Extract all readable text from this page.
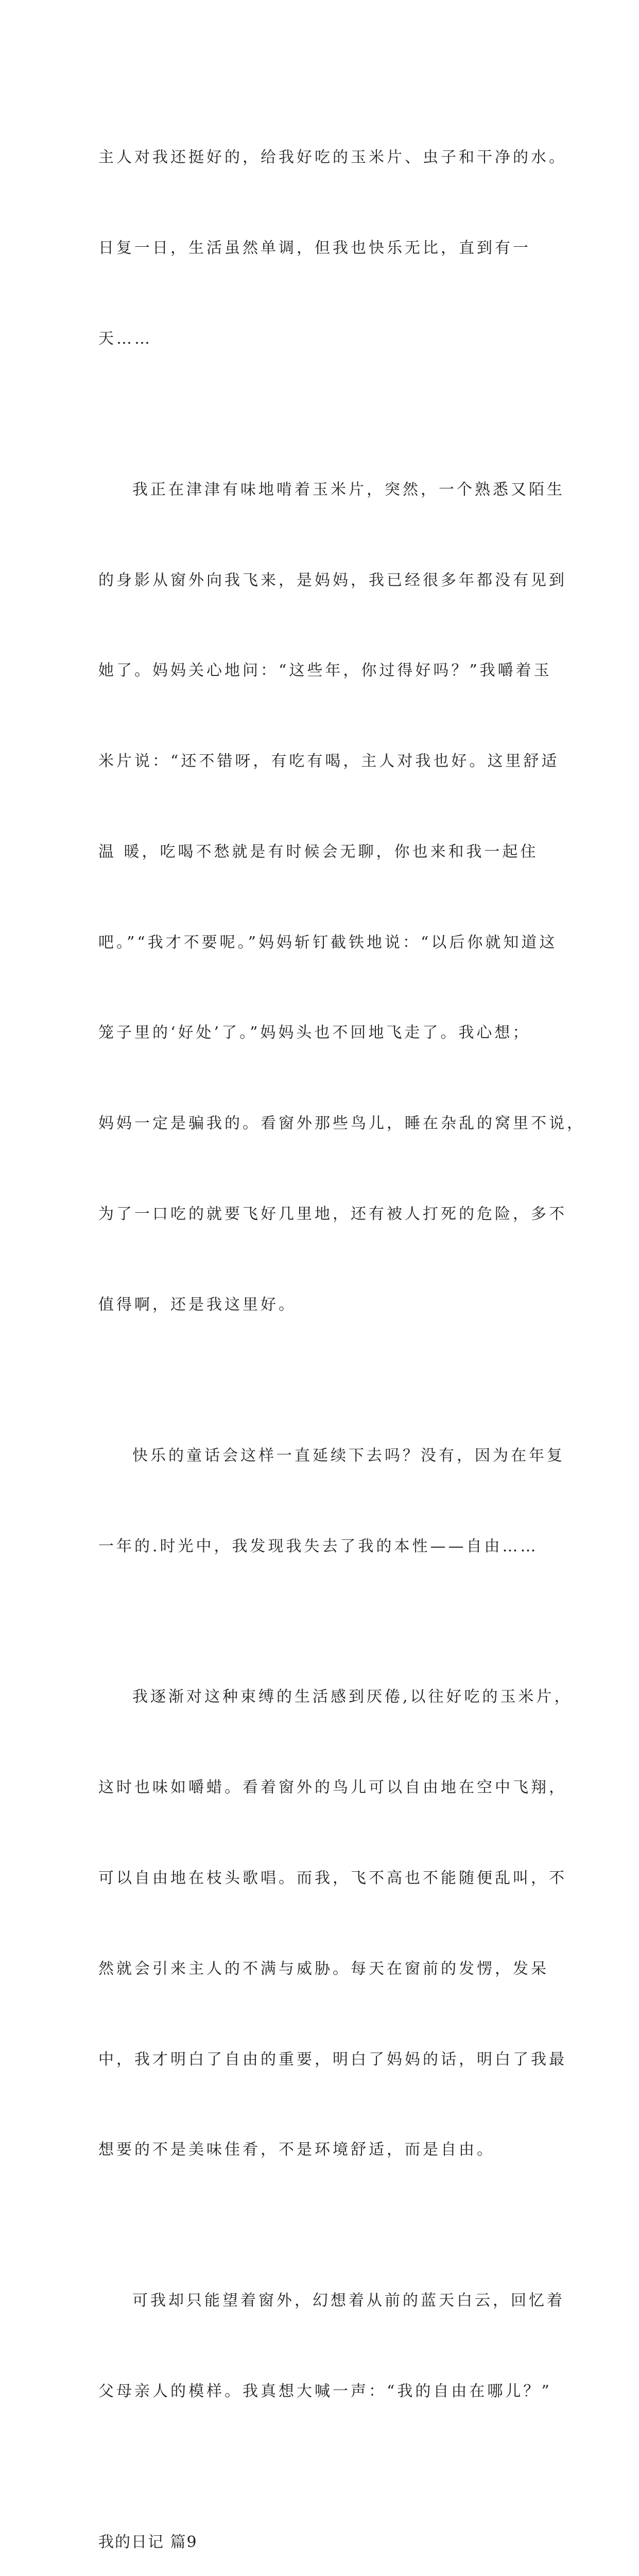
主人对我还挺好的，给我好吃的玉米片、虫子和干净的水。

日复一日，生活虽然单调，但我也快乐无比，直到有一

天……

我正在津津有味地啃着玉米片，突然，一个熟悉又陌生

的身影从窗外向我飞来，是妈妈，我已经很多年都没有见到

她了。妈妈关心地问：“这些年，你过得好吗？”我嚼着玉

米片说：“还不错呀，有吃有喝，主人对我也好。这里舒适

温 暖，吃喝不愁就是有时候会无聊，你也来和我一起住

吧。”“我才不要呢。”妈妈斩钉截铁地说：“以后你就知道这

笼子里的‘好处’了。”妈妈头也不回地飞走了。我心想；

妈妈一定是骗我的。看窗外那些鸟儿，睡在杂乱的窝里不说，

为了一口吃的就要飞好几里地，还有被人打死的危险，多不

值得啊，还是我这里好。

快乐的童话会这样一直延续下去吗？没有，因为在年复

一年的.时光中，我发现我失去了我的本性——自由……

我逐渐对这种束缚的生活感到厌倦,以往好吃的玉米片，

这时也味如嚼蜡。看着窗外的鸟儿可以自由地在空中飞翔，

可以自由地在枝头歌唱。而我，飞不高也不能随便乱叫，不

然就会引来主人的不满与威胁。每天在窗前的发愣，发呆

中，我才明白了自由的重要，明白了妈妈的话，明白了我最

想要的不是美味佳肴，不是环境舒适，而是自由。

可我却只能望着窗外，幻想着从前的蓝天白云，回忆着

父母亲人的模样。我真想大喊一声：“我的自由在哪儿？”

我的日记 篇9
